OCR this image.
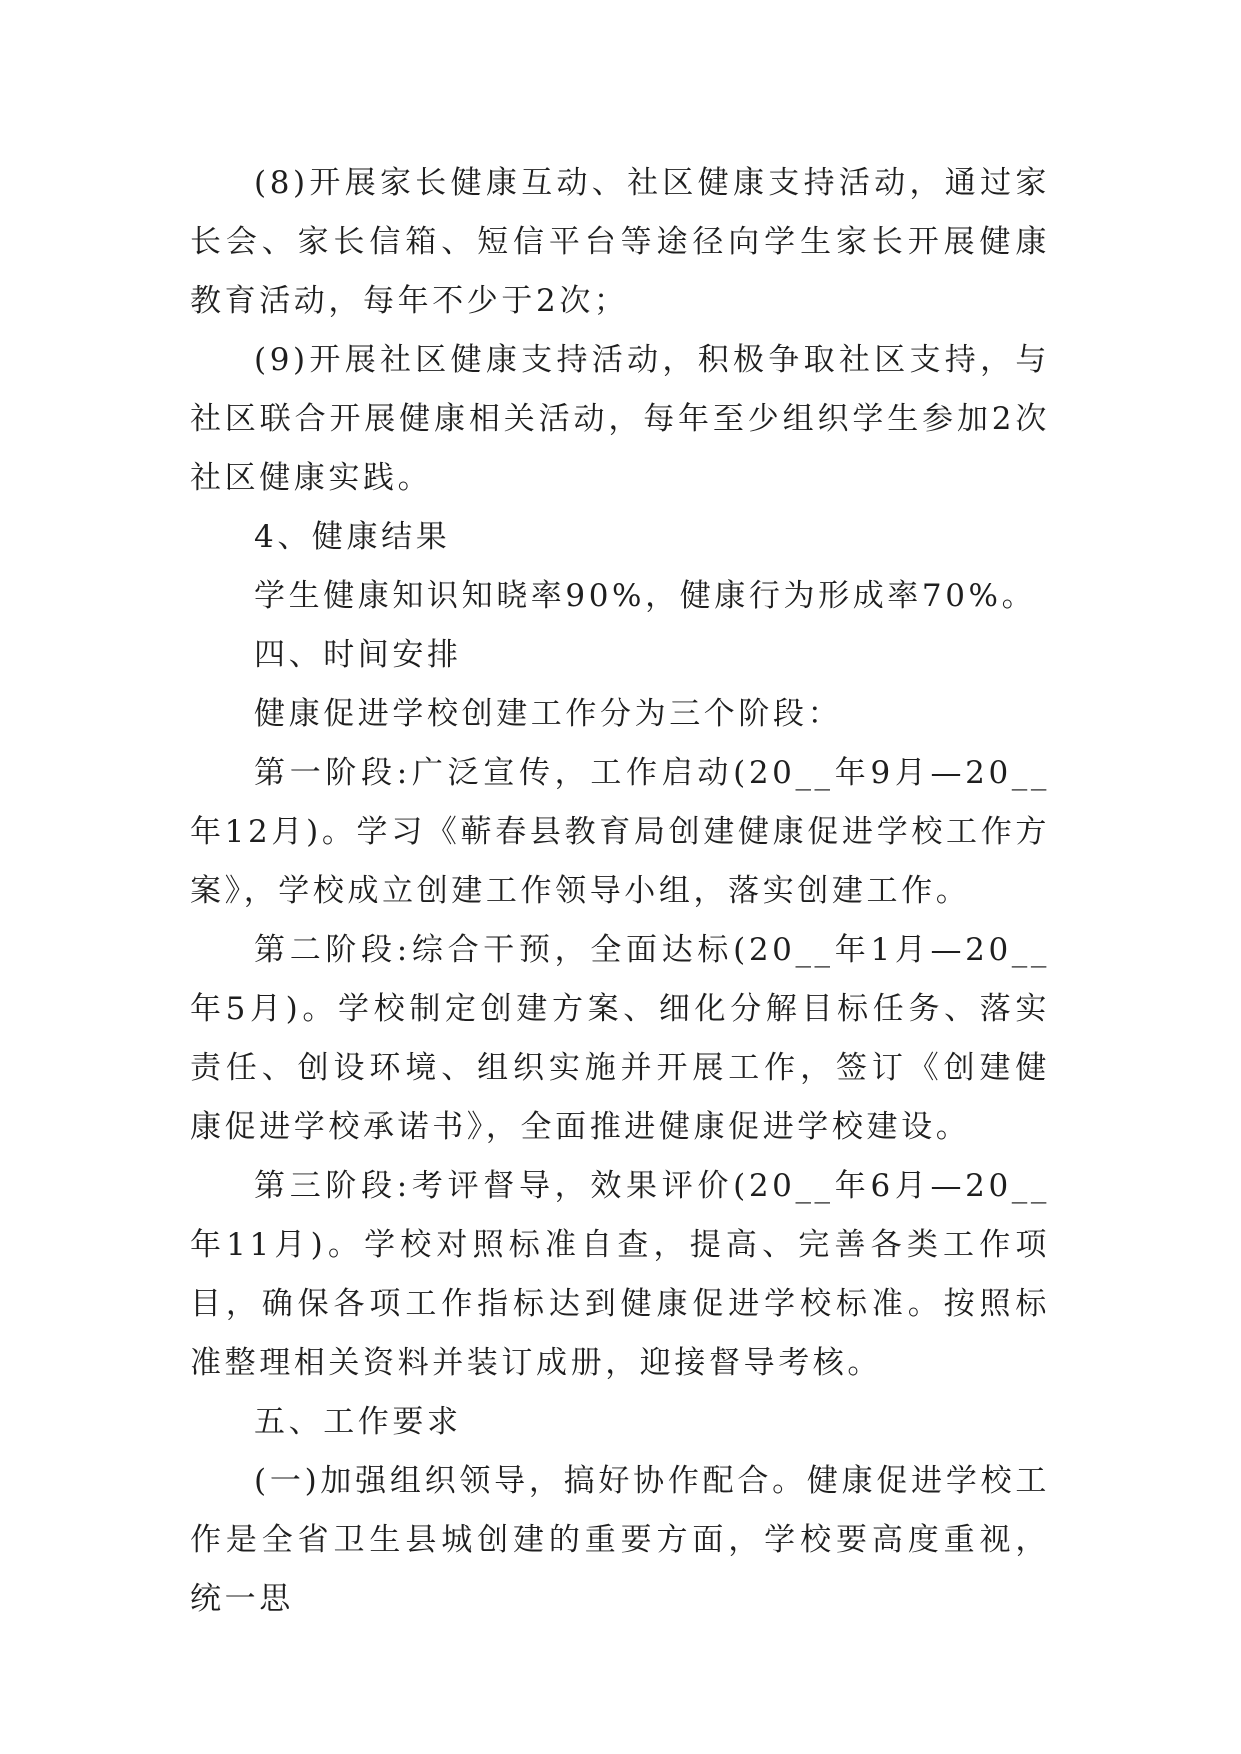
(8)开展家长健康互动、社区健康支持活动，通过家长会、家长信箱、短信平台等途径向学生家长开展健康教育活动，每年不少于2次；

(9)开展社区健康支持活动，积极争取社区支持，与社区联合开展健康相关活动，每年至少组织学生参加2次社区健康实践。

4、健康结果

学生健康知识知晓率90%，健康行为形成率70%。

四、时间安排

健康促进学校创建工作分为三个阶段：

第一阶段:广泛宣传，工作启动(20__年9月—20__年12月)。学习《蕲春县教育局创建健康促进学校工作方案》，学校成立创建工作领导小组，落实创建工作。

第二阶段:综合干预，全面达标(20__年1月—20__年5月)。学校制定创建方案、细化分解目标任务、落实责任、创设环境、组织实施并开展工作，签订《创建健康促进学校承诺书》，全面推进健康促进学校建设。

第三阶段:考评督导，效果评价(20__年6月—20__年11月)。学校对照标准自查，提高、完善各类工作项目，确保各项工作指标达到健康促进学校标准。按照标准整理相关资料并装订成册，迎接督导考核。

五、工作要求

(一)加强组织领导，搞好协作配合。健康促进学校工作是全省卫生县城创建的重要方面，学校要高度重视，统一思
